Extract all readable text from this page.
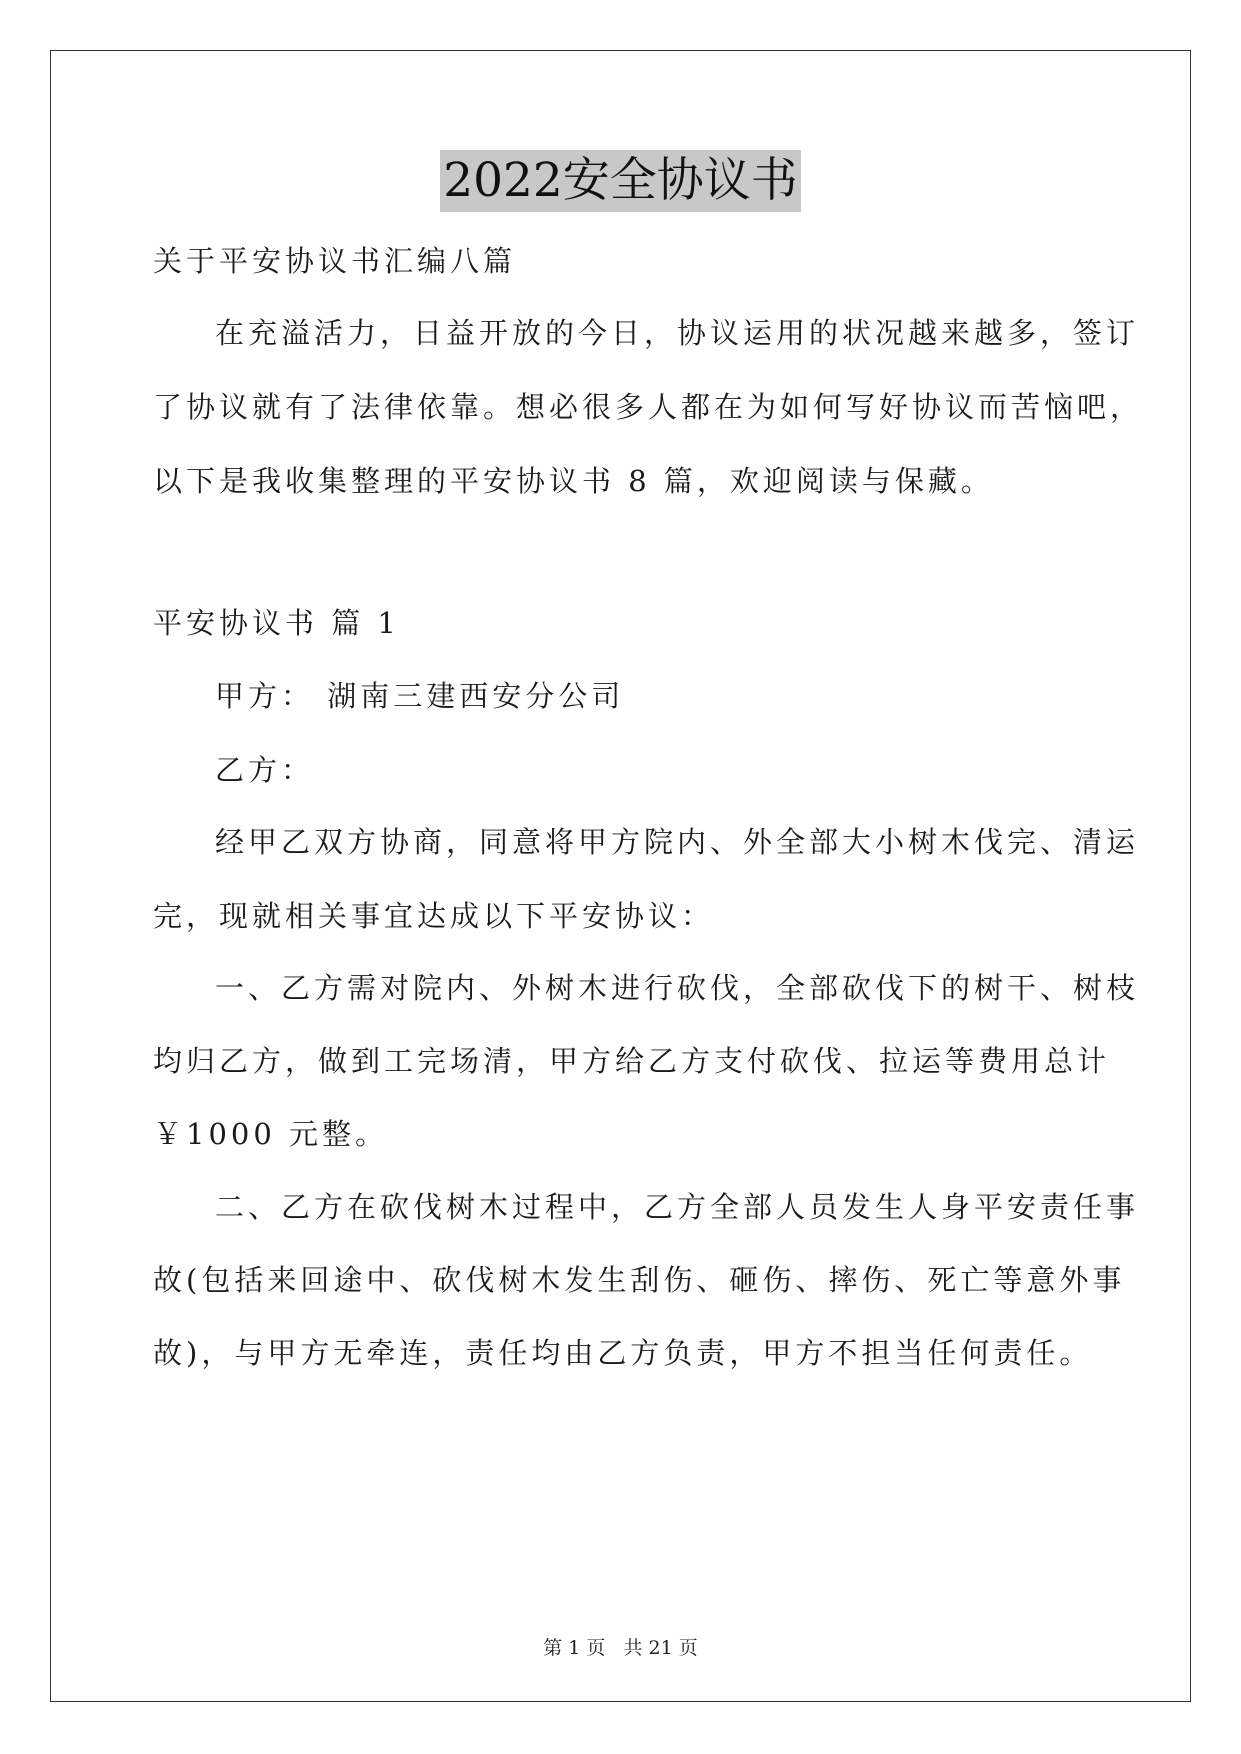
2022安全协议书
关于平安协议书汇编八篇
在充溢活力，日益开放的今日，协议运用的状况越来越多，签订
了协议就有了法律依靠。想必很多人都在为如何写好协议而苦恼吧，
以下是我收集整理的平安协议书 8 篇，欢迎阅读与保藏。
平安协议书 篇 1
甲方： 湖南三建西安分公司
乙方：
经甲乙双方协商，同意将甲方院内、外全部大小树木伐完、清运
完，现就相关事宜达成以下平安协议：
一、乙方需对院内、外树木进行砍伐，全部砍伐下的树干、树枝
均归乙方，做到工完场清，甲方给乙方支付砍伐、拉运等费用总计
￥1000 元整。
二、乙方在砍伐树木过程中，乙方全部人员发生人身平安责任事
故(包括来回途中、砍伐树木发生刮伤、砸伤、摔伤、死亡等意外事
故)，与甲方无牵连，责任均由乙方负责，甲方不担当任何责任。
第 1 页   共 21 页
